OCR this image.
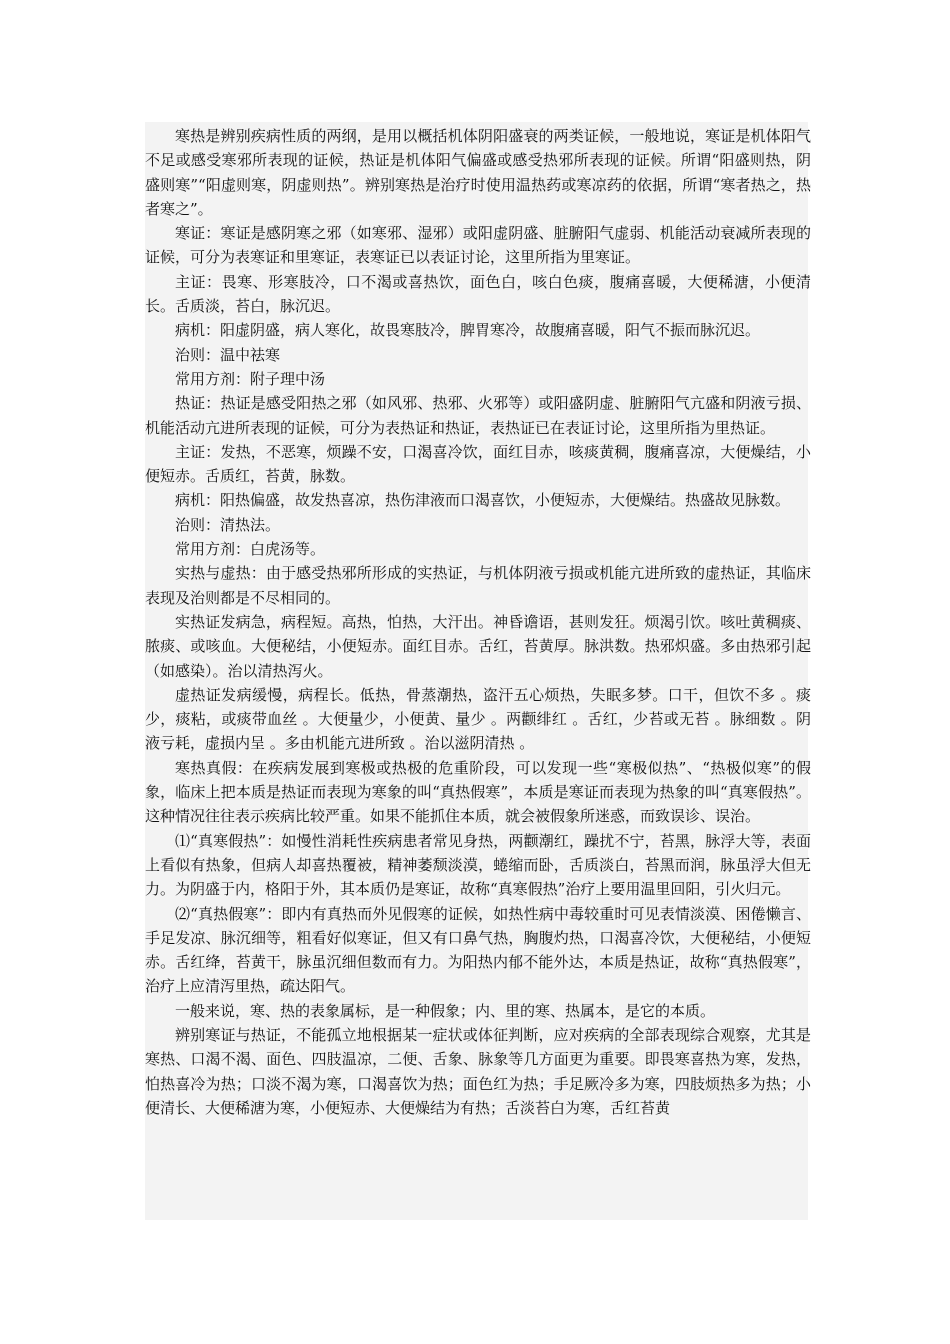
寒热是辨别疾病性质的两纲，是用以概括机体阴阳盛衰的两类证候，一般地说，寒证是机体阳气不足或感受寒邪所表现的证候，热证是机体阳气偏盛或感受热邪所表现的证候。所谓“阳盛则热，阴盛则寒”“阳虚则寒，阴虚则热”。辨别寒热是治疗时使用温热药或寒凉药的依据，所谓“寒者热之，热者寒之”。

寒证：寒证是感阴寒之邪（如寒邪、湿邪）或阳虚阴盛、脏腑阳气虚弱、机能活动衰减所表现的证候，可分为表寒证和里寒证，表寒证已以表证讨论，这里所指为里寒证。

主证：畏寒、形寒肢冷，口不渴或喜热饮，面色白，咳白色痰，腹痛喜暖，大便稀溏，小便清长。舌质淡，苔白，脉沉迟。

病机：阳虚阴盛，病人寒化，故畏寒肢冷，脾胃寒冷，故腹痛喜暖，阳气不振而脉沉迟。

治则：温中祛寒

常用方剂：附子理中汤

热证：热证是感受阳热之邪（如风邪、热邪、火邪等）或阳盛阴虚、脏腑阳气亢盛和阴液亏损、机能活动亢进所表现的证候，可分为表热证和热证，表热证已在表证讨论，这里所指为里热证。

主证：发热，不恶寒，烦躁不安，口渴喜冷饮，面红目赤，咳痰黄稠，腹痛喜凉，大便燥结，小便短赤。舌质红，苔黄，脉数。

病机：阳热偏盛，故发热喜凉，热伤津液而口渴喜饮，小便短赤，大便燥结。热盛故见脉数。

治则：清热法。

常用方剂：白虎汤等。

实热与虚热：由于感受热邪所形成的实热证，与机体阴液亏损或机能亢进所致的虚热证，其临床表现及治则都是不尽相同的。

实热证发病急，病程短。高热，怕热，大汗出。神昏谵语，甚则发狂。烦渴引饮。咳吐黄稠痰、脓痰、或咳血。大便秘结，小便短赤。面红目赤。舌红，苔黄厚。脉洪数。热邪炽盛。多由热邪引起（如感染）。治以清热泻火。

虚热证发病缓慢，病程长。低热，骨蒸潮热，盗汗五心烦热，失眠多梦。口干，但饮不多 。痰少，痰粘，或痰带血丝 。大便量少，小便黄、量少 。两颧绯红 。舌红，少苔或无苔 。脉细数 。阴液亏耗，虚损内呈 。多由机能亢进所致 。治以滋阴清热 。

寒热真假：在疾病发展到寒极或热极的危重阶段，可以发现一些“寒极似热”、“热极似寒”的假象，临床上把本质是热证而表现为寒象的叫“真热假寒”，本质是寒证而表现为热象的叫“真寒假热”。这种情况往往表示疾病比较严重。如果不能抓住本质，就会被假象所迷惑，而致误诊、误治。

⑴“真寒假热”：如慢性消耗性疾病患者常见身热，两颧潮红，躁扰不宁，苔黑，脉浮大等，表面上看似有热象，但病人却喜热覆被，精神萎颓淡漠，蜷缩而卧，舌质淡白，苔黑而润，脉虽浮大但无力。为阴盛于内，格阳于外，其本质仍是寒证，故称“真寒假热”治疗上要用温里回阳，引火归元。

⑵“真热假寒”：即内有真热而外见假寒的证候，如热性病中毒较重时可见表情淡漠、困倦懒言、手足发凉、脉沉细等，粗看好似寒证，但又有口鼻气热，胸腹灼热，口渴喜冷饮，大便秘结，小便短赤。舌红绛，苔黄干，脉虽沉细但数而有力。为阳热内郁不能外达，本质是热证，故称“真热假寒”，治疗上应清泻里热，疏达阳气。

一般来说，寒、热的表象属标，是一种假象；内、里的寒、热属本，是它的本质。

辨别寒证与热证，不能孤立地根据某一症状或体征判断，应对疾病的全部表现综合观察，尤其是寒热、口渴不渴、面色、四肢温凉，二便、舌象、脉象等几方面更为重要。即畏寒喜热为寒，发热，怕热喜冷为热；口淡不渴为寒，口渴喜饮为热；面色红为热；手足厥冷多为寒，四肢烦热多为热；小便清长、大便稀溏为寒，小便短赤、大便燥结为有热；舌淡苔白为寒，舌红苔黄
